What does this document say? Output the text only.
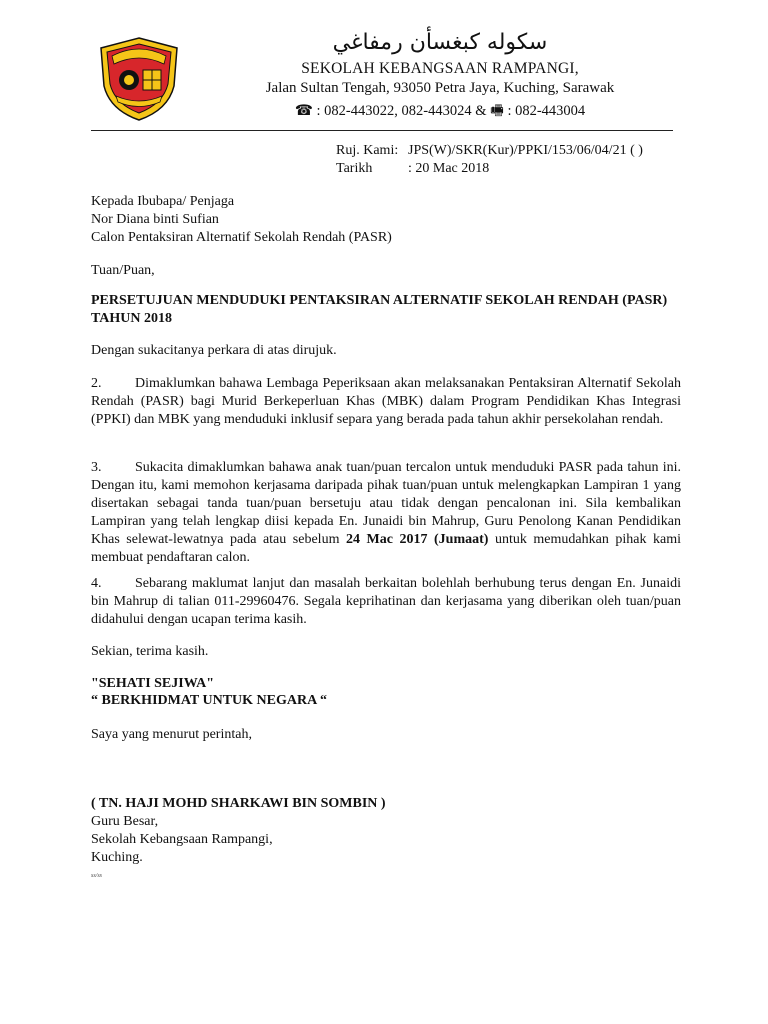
سکوله کبغسأن رمفاغي
SEKOLAH KEBANGSAAN RAMPANGI,
Jalan Sultan Tengah, 93050 Petra Jaya, Kuching, Sarawak
☎ : 082-443022, 082-443024 & 🖷 : 082-443004
Ruj. Kami: JPS(W)/SKR(Kur)/PPKI/153/06/04/21 ( )
Tarikh	: 20 Mac 2018
Kepada Ibubapa/ Penjaga
Nor Diana binti Sufian
Calon Pentaksiran Alternatif Sekolah Rendah (PASR)
Tuan/Puan,
PERSETUJUAN MENDUDUKI PENTAKSIRAN ALTERNATIF SEKOLAH RENDAH (PASR) TAHUN 2018
Dengan sukacitanya perkara di atas dirujuk.

2. Dimaklumkan bahawa Lembaga Peperiksaan akan melaksanakan Pentaksiran Alternatif Sekolah Rendah (PASR) bagi Murid Berkeperluan Khas (MBK) dalam Program Pendidikan Khas Integrasi (PPKI) dan MBK yang menduduki inklusif separa yang berada pada tahun akhir persekolahan rendah.

3. Sukacita dimaklumkan bahawa anak tuan/puan tercalon untuk menduduki PASR pada tahun ini. Dengan itu, kami memohon kerjasama daripada pihak tuan/puan untuk melengkapkan Lampiran 1 yang disertakan sebagai tanda tuan/puan bersetuju atau tidak dengan pencalonan ini. Sila kembalikan Lampiran yang telah lengkap diisi kepada En. Junaidi bin Mahrup, Guru Penolong Kanan Pendidikan Khas selewat-lewatnya pada atau sebelum 24 Mac 2017 (Jumaat) untuk memudahkan pihak kami membuat pendaftaran calon.

4. Sebarang maklumat lanjut dan masalah berkaitan bolehlah berhubung terus dengan En. Junaidi bin Mahrup di talian 011-29960476. Segala keprihatinan dan kerjasama yang diberikan oleh tuan/puan didahului dengan ucapan terima kasih.

Sekian, terima kasih.
"SEHATI SEJIWA"
“ BERKHIDMAT UNTUK NEGARA “
Saya yang menurut perintah,
( TN. HAJI MOHD SHARKAWI BIN SOMBIN )
Guru Besar,
Sekolah Kebangsaan Rampangi,
Kuching.
ss/ss
